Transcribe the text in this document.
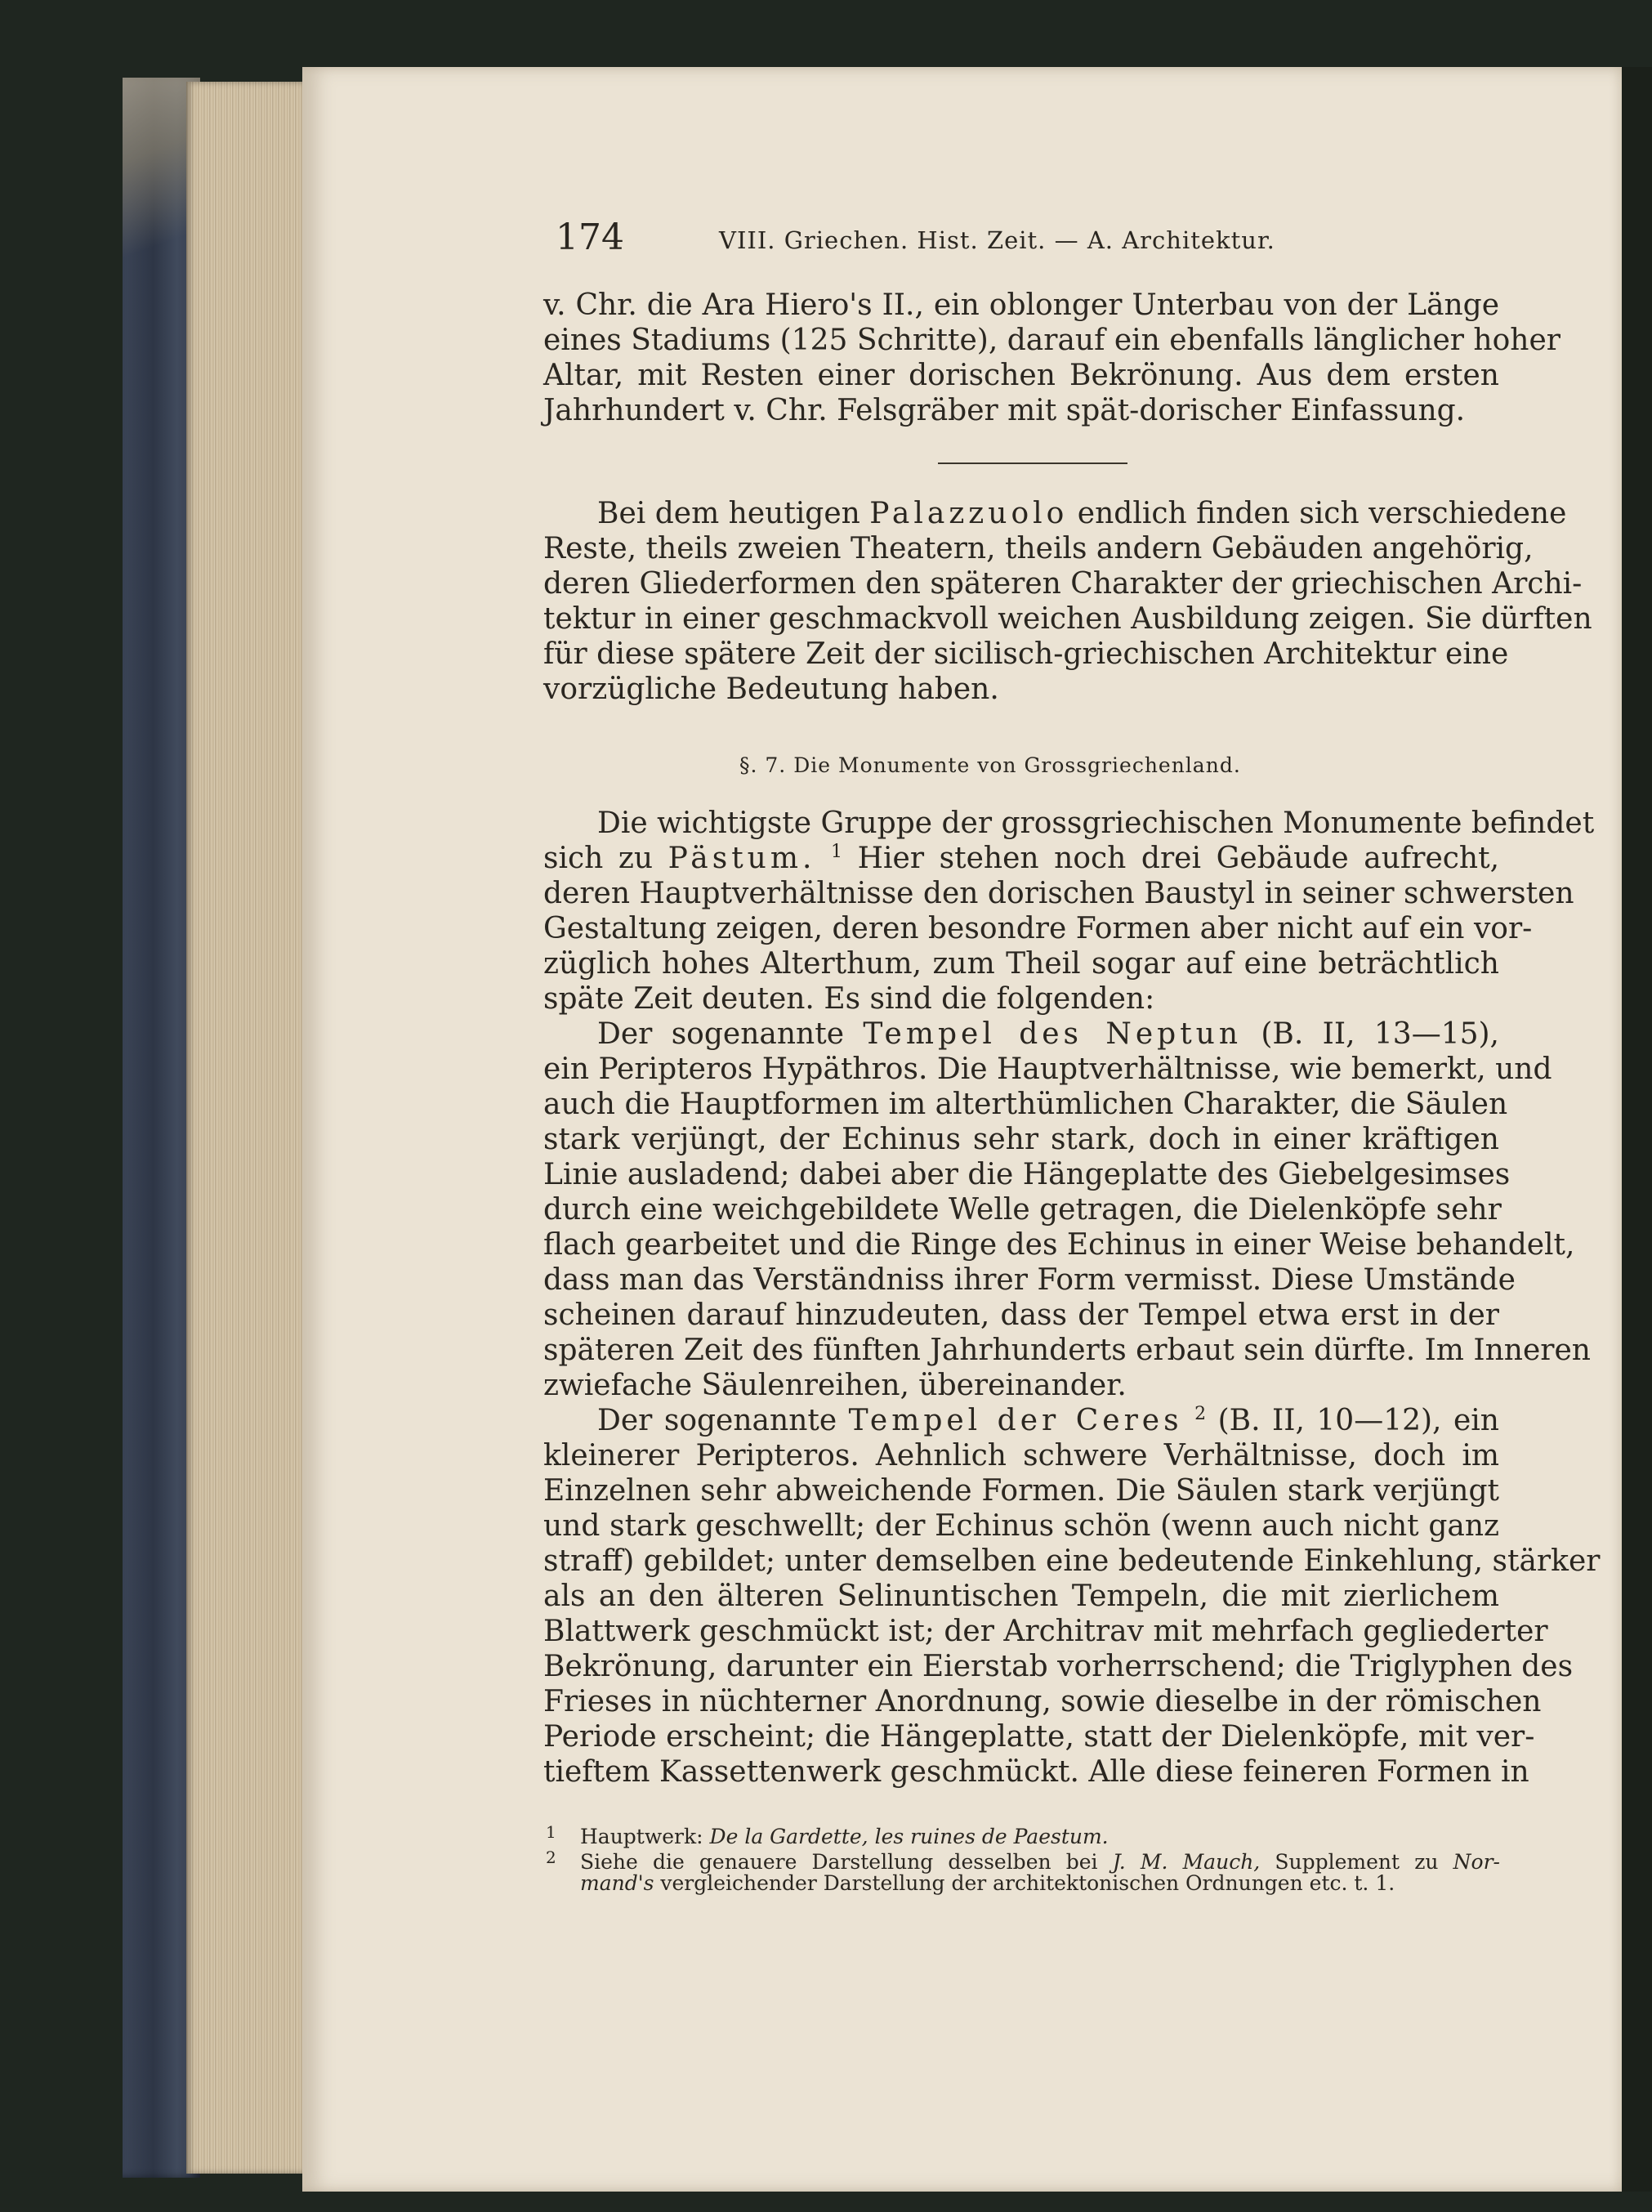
174	VIII. Griechen. Hist. Zeit. — A. Architektur.
v. Chr. die Ara Hiero's II., ein oblonger Unterbau von der Länge
eines Stadiums (125 Schritte), darauf ein ebenfalls länglicher hoher
Altar, mit Resten einer dorischen Bekrönung. Aus dem ersten
Jahrhundert v. Chr. Felsgräber mit spät-dorischer Einfassung.
Bei dem heutigen Palazzuolo endlich finden sich verschiedene
Reste, theils zweien Theatern, theils andern Gebäuden angehörig,
deren Gliederformen den späteren Charakter der griechischen Archi-
tektur in einer geschmackvoll weichen Ausbildung zeigen. Sie dürften
für diese spätere Zeit der sicilisch-griechischen Architektur eine
vorzügliche Bedeutung haben.
§. 7. Die Monumente von Grossgriechenland.
Die wichtigste Gruppe der grossgriechischen Monumente befindet
sich zu Pästum. $^1$ Hier stehen noch drei Gebäude aufrecht,
deren Hauptverhältnisse den dorischen Baustyl in seiner schwersten
Gestaltung zeigen, deren besondre Formen aber nicht auf ein vor-
züglich hohes Alterthum, zum Theil sogar auf eine beträchtlich
späte Zeit deuten. Es sind die folgenden:
Der sogenannte Tempel des Neptun (B. II, 13—15),
ein Peripteros Hypäthros. Die Hauptverhältnisse, wie bemerkt, und
auch die Hauptformen im alterthümlichen Charakter, die Säulen
stark verjüngt, der Echinus sehr stark, doch in einer kräftigen
Linie ausladend; dabei aber die Hängeplatte des Giebelgesimses
durch eine weichgebildete Welle getragen, die Dielenköpfe sehr
flach gearbeitet und die Ringe des Echinus in einer Weise behandelt,
dass man das Verständniss ihrer Form vermisst. Diese Umstände
scheinen darauf hinzudeuten, dass der Tempel etwa erst in der
späteren Zeit des fünften Jahrhunderts erbaut sein dürfte. Im Inneren
zwiefache Säulenreihen, übereinander.
Der sogenannte Tempel der Ceres $^2$ (B. II, 10—12), ein
kleinerer Peripteros. Aehnlich schwere Verhältnisse, doch im
Einzelnen sehr abweichende Formen. Die Säulen stark verjüngt
und stark geschwellt; der Echinus schön (wenn auch nicht ganz
straff) gebildet; unter demselben eine bedeutende Einkehlung, stärker
als an den älteren Selinuntischen Tempeln, die mit zierlichem
Blattwerk geschmückt ist; der Architrav mit mehrfach gegliederter
Bekrönung, darunter ein Eierstab vorherrschend; die Triglyphen des
Frieses in nüchterner Anordnung, sowie dieselbe in der römischen
Periode erscheint; die Hängeplatte, statt der Dielenköpfe, mit ver-
tieftem Kassettenwerk geschmückt. Alle diese feineren Formen in
1 Hauptwerk: De la Gardette, les ruines de Paestum.
2 Siehe die genauere Darstellung desselben bei J. M. Mauch, Supplement zu Nor-
mand's vergleichender Darstellung der architektonischen Ordnungen etc. t. 1.
